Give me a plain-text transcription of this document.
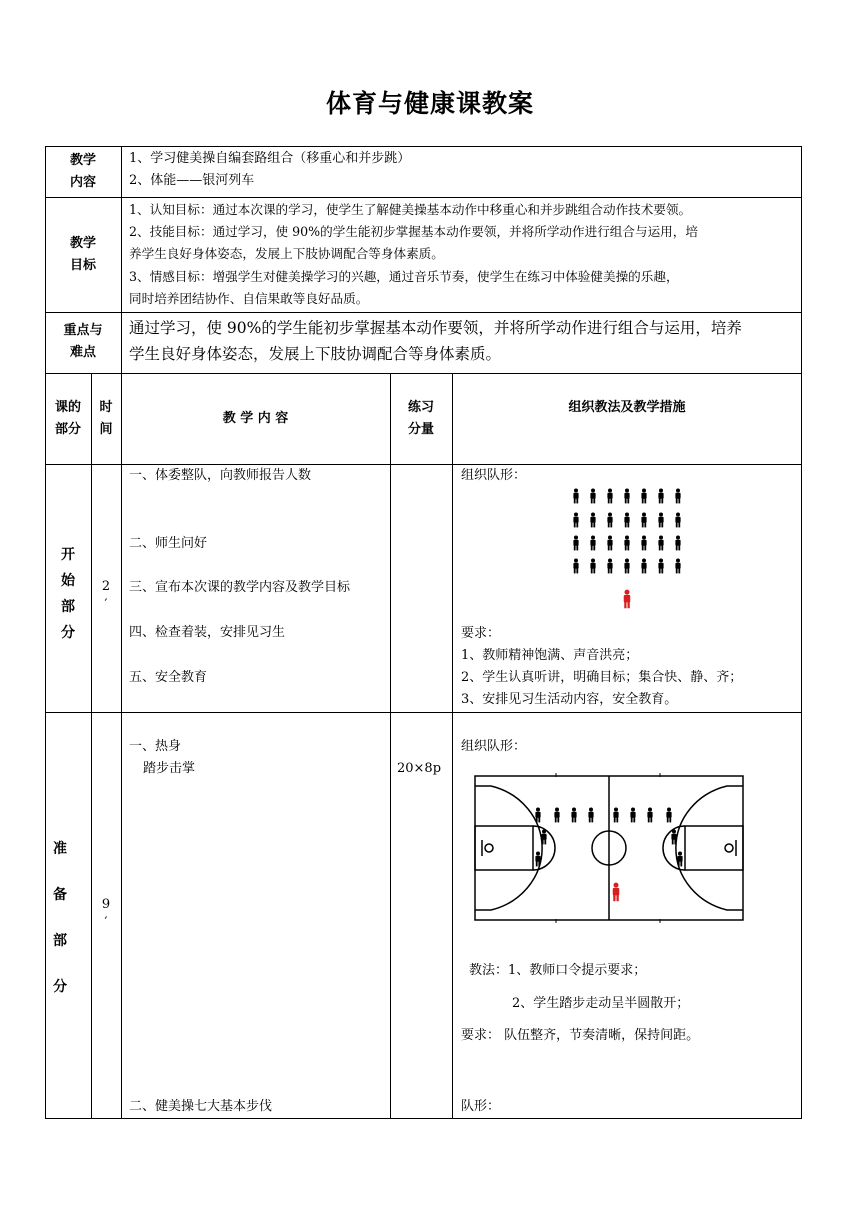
体育与健康课教案
教学
内容
1、学习健美操自编套路组合（移重心和并步跳）
2、体能——银河列车
教学
目标
1、认知目标：通过本次课的学习，使学生了解健美操基本动作中移重心和并步跳组合动作技术要领。
2、技能目标：通过学习，使 90%的学生能初步掌握基本动作要领，并将所学动作进行组合与运用，培
养学生良好身体姿态，发展上下肢协调配合等身体素质。
3、情感目标：增强学生对健美操学习的兴趣，通过音乐节奏，使学生在练习中体验健美操的乐趣，
同时培养团结协作、自信果敢等良好品质。
重点与
难点
通过学习，使 90%的学生能初步掌握基本动作要领，并将所学动作进行组合与运用，培养
学生良好身体姿态，发展上下肢协调配合等身体素质。
课的
部分
时
间
教 学 内 容
练习
分量
组织教法及教学措施
开
始
部
分
2
′
一、体委整队，向教师报告人数
二、师生问好
三、宣布本次课的教学内容及教学目标
四、检查着装，安排见习生
五、安全教育
组织队形：
要求：
1、教师精神饱满、声音洪亮；
2、学生认真听讲，明确目标；集合快、静、齐；
3、安排见习生活动内容，安全教育。
准
备
部
分
9
′
一、热身
踏步击掌	20×8p
二、健美操七大基本步伐
组织队形：
教法：1、教师口令提示要求；
2、学生踏步走动呈半圆散开；
要求： 队伍整齐，节奏清晰，保持间距。
队形：
